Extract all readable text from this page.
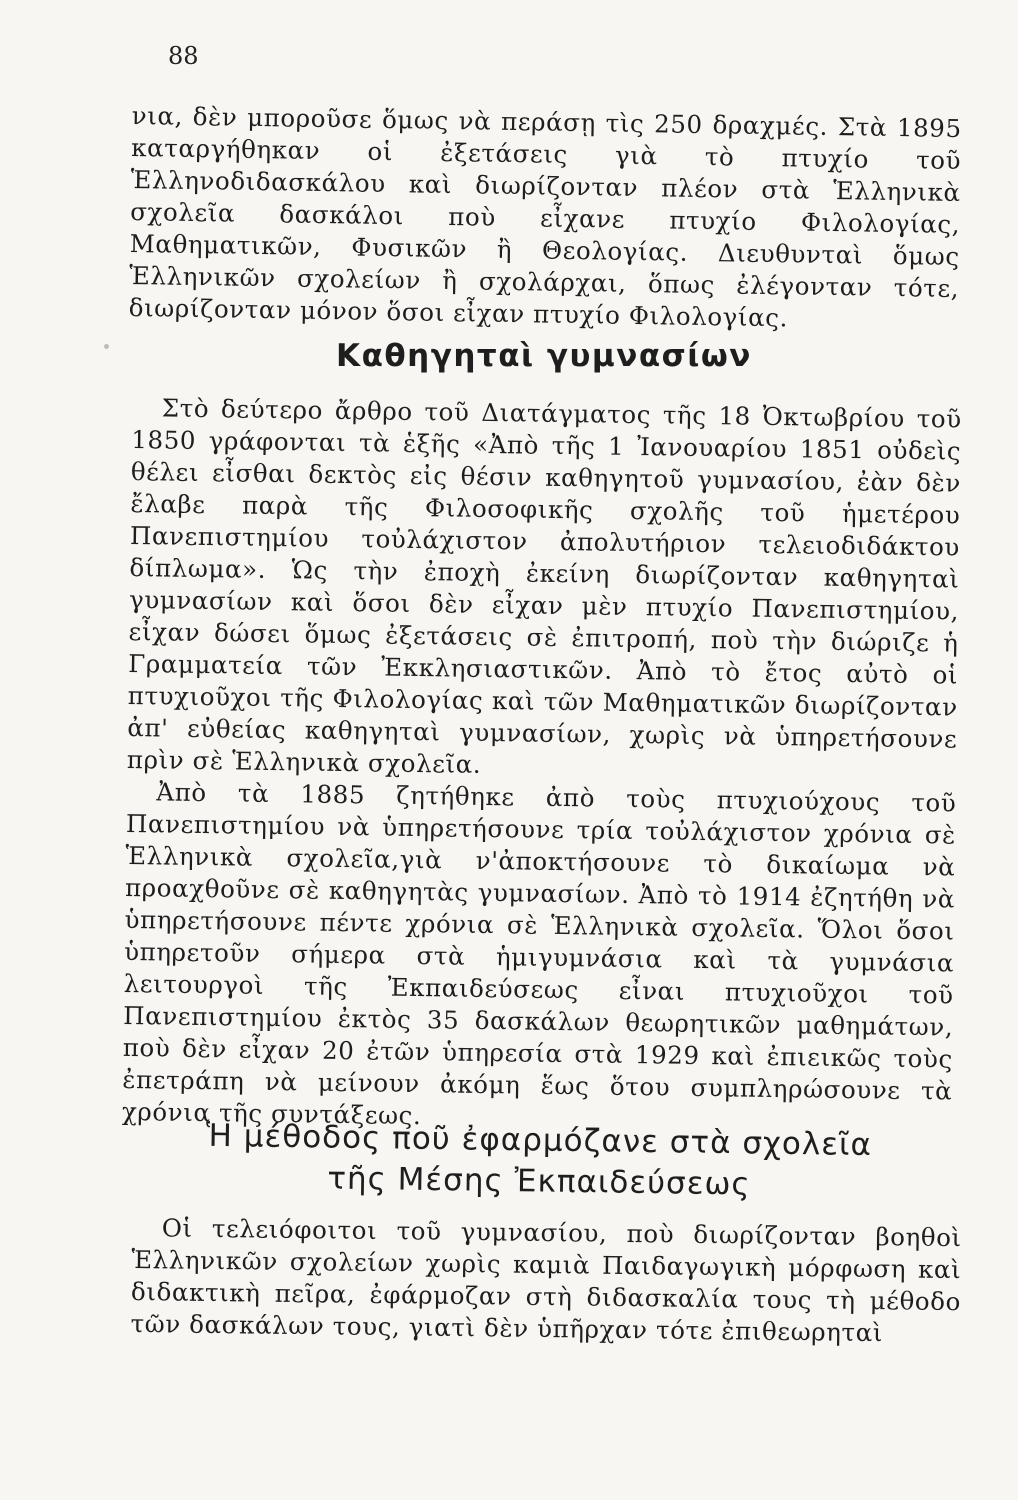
88

νια, δὲν μποροῦσε ὅμως νὰ περάσῃ τὶς 250 δραχμές. Στὰ 1895 καταργήθηκαν οἱ ἐξετάσεις γιὰ τὸ πτυχίο τοῦ Ἑλληνοδιδασκάλου καὶ διωρίζονταν πλέον στὰ Ἑλληνικὰ σχολεῖα δασκάλοι ποὺ εἶχανε πτυχίο Φιλολογίας, Μαθηματικῶν, Φυσικῶν ἢ Θεολογίας. Διευθυνταὶ ὅμως Ἑλληνικῶν σχολείων ἢ σχολάρχαι, ὅπως ἐλέγονταν τότε, διωρίζονταν μόνον ὅσοι εἶχαν πτυχίο Φιλολογίας.

Καθηγηταὶ γυμνασίων

Στὸ δεύτερο ἄρθρο τοῦ Διατάγματος τῆς 18 Ὀκτωβρίου τοῦ 1850 γράφονται τὰ ἑξῆς «Ἀπὸ τῆς 1 Ἰανουαρίου 1851 οὐδεὶς θέλει εἶσθαι δεκτὸς εἰς θέσιν καθηγητοῦ γυμνασίου, ἐὰν δὲν ἔλαβε παρὰ τῆς Φιλοσοφικῆς σχολῆς τοῦ ἡμετέρου Πανεπιστημίου τοὐλάχιστον ἀπολυτήριον τελειοδιδάκτου δίπλωμα». Ὡς τὴν ἐποχὴ ἐκείνη διωρίζονταν καθηγηταὶ γυμνασίων καὶ ὅσοι δὲν εἶχαν μὲν πτυχίο Πανεπιστημίου, εἶχαν δώσει ὅμως ἐξετάσεις σὲ ἐπιτροπή, ποὺ τὴν διώριζε ἡ Γραμματεία τῶν Ἐκκλησιαστικῶν. Ἀπὸ τὸ ἔτος αὐτὸ οἱ πτυχιοῦχοι τῆς Φιλολογίας καὶ τῶν Μαθηματικῶν διωρίζονταν ἀπ' εὐθείας καθηγηταὶ γυμνασίων, χωρὶς νὰ ὑπηρετήσουνε πρὶν σὲ Ἑλληνικὰ σχολεῖα.

Ἀπὸ τὰ 1885 ζητήθηκε ἀπὸ τοὺς πτυχιούχους τοῦ Πανεπιστημίου νὰ ὑπηρετήσουνε τρία τοὐλάχιστον χρόνια σὲ Ἑλληνικὰ σχολεῖα,γιὰ ν'ἀποκτήσουνε τὸ δικαίωμα νὰ προαχθοῦνε σὲ καθηγητὰς γυμνασίων. Ἀπὸ τὸ 1914 ἐζητήθη νὰ ὑπηρετήσουνε πέντε χρόνια σὲ Ἑλληνικὰ σχολεῖα. Ὅλοι ὅσοι ὑπηρετοῦν σήμερα στὰ ἡμιγυμνάσια καὶ τὰ γυμνάσια λειτουργοὶ τῆς Ἐκπαιδεύσεως εἶναι πτυχιοῦχοι τοῦ Πανεπιστημίου ἐκτὸς 35 δασκάλων θεωρητικῶν μαθημάτων, ποὺ δὲν εἶχαν 20 ἐτῶν ὑπηρεσία στὰ 1929 καὶ ἐπιεικῶς τοὺς ἐπετράπη νὰ μείνουν ἀκόμη ἕως ὅτου συμπληρώσουνε τὰ χρόνια τῆς συντάξεως.

Ἡ μέθοδος ποῦ ἐφαρμόζανε στὰ σχολεῖα
τῆς Μέσης Ἐκπαιδεύσεως

Οἱ τελειόφοιτοι τοῦ γυμνασίου, ποὺ διωρίζονταν βοηθοὶ Ἑλληνικῶν σχολείων χωρὶς καμιὰ Παιδαγωγικὴ μόρφωση καὶ διδακτικὴ πεῖρα, ἐφάρμοζαν στὴ διδασκαλία τους τὴ μέθοδο τῶν δασκάλων τους, γιατὶ δὲν ὑπῆρχαν τότε ἐπιθεωρηταὶ
